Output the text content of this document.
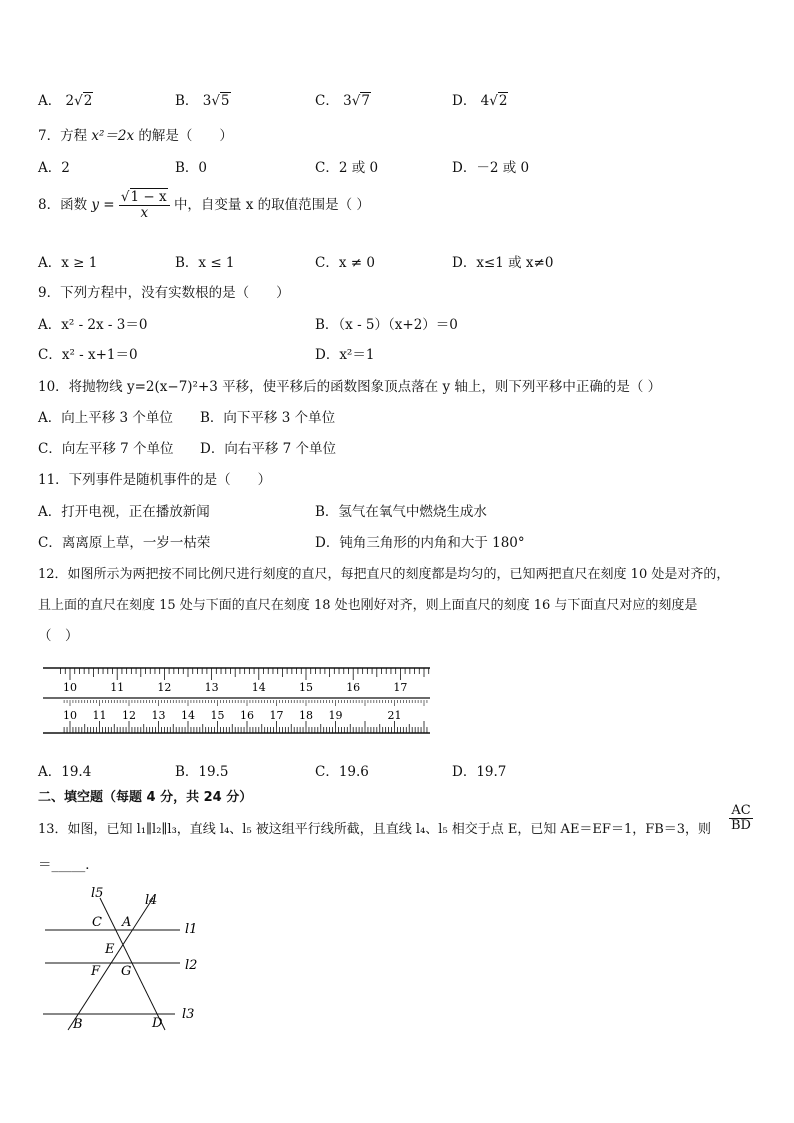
A． 2√2	B． 3√5	C． 3√7	D． 4√2
7．方程 x²＝2x 的解是（　　）
A．2	B．0	C．2 或 0	D．－2 或 0
8．函数 $y = \frac{√1 - x}{x}$ 中，自变量 x 的取值范围是（ ）
A．x ≥ 1	B．x ≤ 1	C．x ≠ 0	D．x≤1 或 x≠0
9．下列方程中，没有实数根的是（　　）
A．x² - 2x - 3＝0	B．（x - 5）（x+2）＝0
C．x² - x+1＝0	D．x²＝1
10．将抛物线 y=2(x−7)²+3 平移，使平移后的函数图象顶点落在 y 轴上，则下列平移中正确的是（ ）
A．向上平移 3 个单位 B．向下平移 3 个单位
C．向左平移 7 个单位 D．向右平移 7 个单位
11．下列事件是随机事件的是（　　）
A．打开电视，正在播放新闻	B．氢气在氧气中燃烧生成水
C．离离原上草，一岁一枯荣	D．钝角三角形的内角和大于 180°
12．如图所示为两把按不同比例尺进行刻度的直尺，每把直尺的刻度都是均匀的，已知两把直尺在刻度 10 处是对齐的，
且上面的直尺在刻度 15 处与下面的直尺在刻度 18 处也刚好对齐，则上面直尺的刻度 16 与下面直尺对应的刻度是
（　）
10	11	12	13	14	15	16	17
10 11 12 13 14 15 16 17 18 19	21
A．19.4	B．19.5	C．19.6	D．19.7
二、填空题（每题 4 分，共 24 分）
13．如图，已知 l₁∥l₂∥l₃，直线 l₄、l₅ 被这组平行线所截，且直线 l₄、l₅ 相交于点 E，已知 AE＝EF＝1，FB＝3，则 $\frac{AC}{BD}$
＝_____．
l5	l4
l1
l2
l3
C A
E
F G
B	D
